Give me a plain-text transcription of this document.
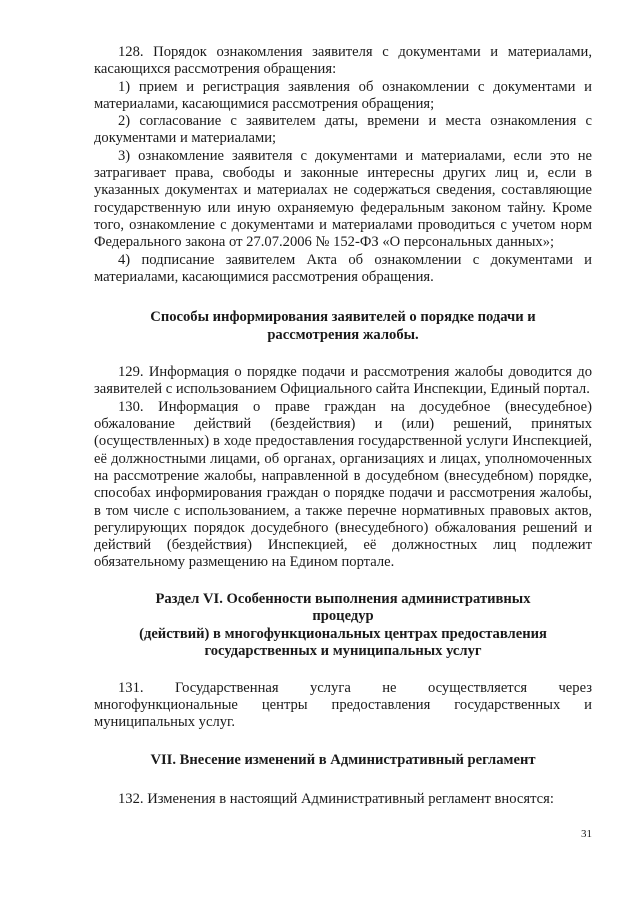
128. Порядок ознакомления заявителя с документами и материалами, касающихся рассмотрения обращения:

1) прием и регистрация заявления об ознакомлении с документами и материалами, касающимися рассмотрения обращения;

2) согласование с заявителем даты, времени и места ознакомления с документами и материалами;

3) ознакомление заявителя с документами и материалами, если это не затрагивает права, свободы и законные интересны других лиц и, если в указанных документах и материалах не содержаться сведения, составляющие государственную или иную охраняемую федеральным законом тайну. Кроме того, ознакомление с документами и материалами проводиться с учетом норм Федерального закона от 27.07.2006 № 152-ФЗ «О персональных данных»;

4) подписание заявителем Акта об ознакомлении с документами и материалами, касающимися рассмотрения обращения.

Способы информирования заявителей о порядке подачи и
рассмотрения жалобы.

129. Информация о порядке подачи и рассмотрения жалобы доводится до заявителей с использованием Официального сайта Инспекции, Единый портал.

130. Информация о праве граждан на досудебное (внесудебное) обжалование действий (бездействия) и (или) решений, принятых (осуществленных) в ходе предоставления государственной услуги Инспекцией, её должностными лицами, об органах, организациях и лицах, уполномоченных на рассмотрение жалобы, направленной в досудебном (внесудебном) порядке, способах информирования граждан о порядке подачи и рассмотрения жалобы, в том числе с использованием, а также перечне нормативных правовых актов, регулирующих порядок досудебного (внесудебного) обжалования решений и действий (бездействия) Инспекцией, её должностных лиц подлежит обязательному размещению на Едином портале.

Раздел VI. Особенности выполнения административных
процедур
(действий) в многофункциональных центрах предоставления
государственных и муниципальных услуг

131. Государственная услуга не осуществляется через многофункциональные центры предоставления государственных и муниципальных услуг.

VII. Внесение изменений в Административный регламент

132. Изменения в настоящий Административный регламент вносятся:

31
